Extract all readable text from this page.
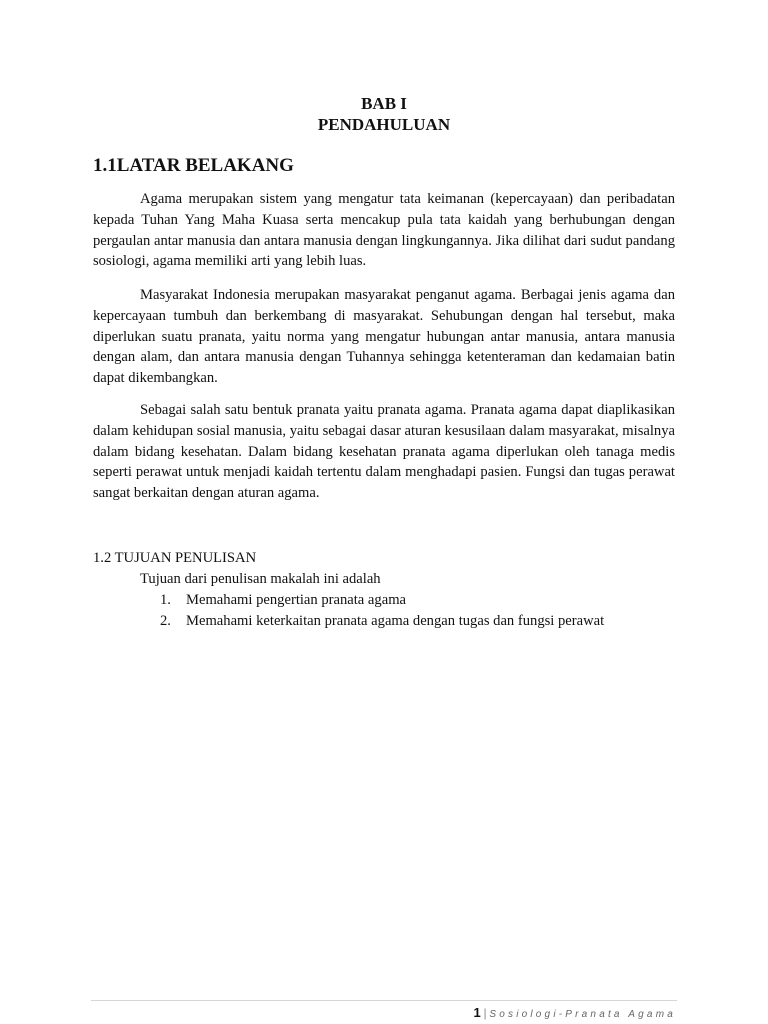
BAB I
PENDAHULUAN
1.1LATAR BELAKANG

Agama merupakan sistem yang mengatur tata keimanan (kepercayaan) dan peribadatan kepada Tuhan Yang Maha Kuasa serta mencakup pula tata kaidah yang berhubungan dengan pergaulan antar manusia dan antara manusia dengan lingkungannya. Jika dilihat dari sudut pandang sosiologi, agama memiliki arti yang lebih luas.

Masyarakat Indonesia merupakan masyarakat penganut agama. Berbagai jenis agama dan kepercayaan tumbuh dan berkembang di masyarakat. Sehubungan dengan hal tersebut, maka diperlukan suatu pranata, yaitu norma yang mengatur hubungan antar manusia, antara manusia dengan alam, dan antara manusia dengan Tuhannya sehingga ketenteraman dan kedamaian batin dapat dikembangkan.

Sebagai salah satu bentuk pranata yaitu pranata agama. Pranata agama dapat diaplikasikan dalam kehidupan sosial manusia, yaitu sebagai dasar aturan kesusilaan dalam masyarakat, misalnya dalam bidang kesehatan. Dalam bidang kesehatan pranata agama diperlukan oleh tanaga medis seperti perawat untuk menjadi kaidah tertentu dalam menghadapi pasien. Fungsi dan tugas perawat sangat berkaitan dengan aturan agama.

1.2 TUJUAN PENULISAN
Tujuan dari penulisan makalah ini adalah
1. Memahami pengertian pranata agama
2. Memahami keterkaitan pranata agama dengan tugas dan fungsi perawat
1 | Sosiologi-Pranata Agama
